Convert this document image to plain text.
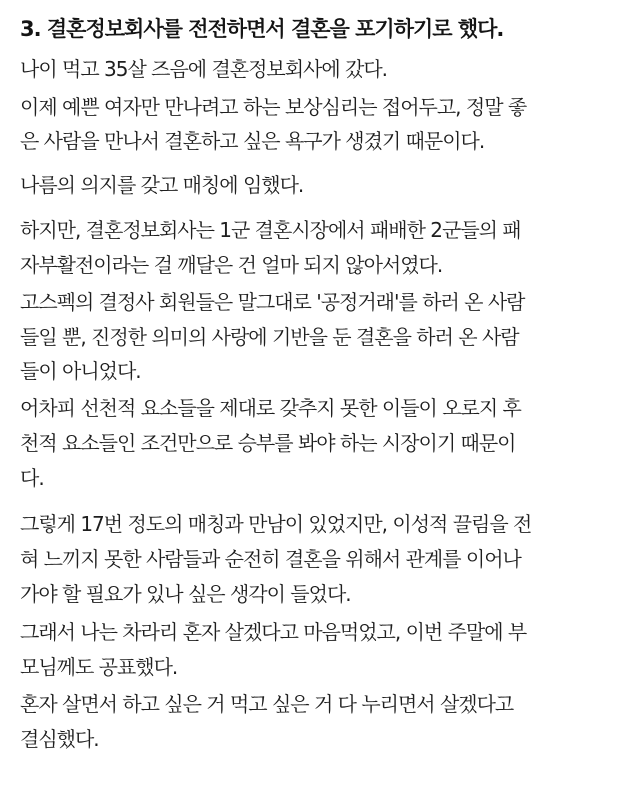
3. 결혼정보회사를 전전하면서 결혼을 포기하기로 했다.
나이 먹고 35살 즈음에 결혼정보회사에 갔다.
이제 예쁜 여자만 만나려고 하는 보상심리는 접어두고, 정말 좋
은 사람을 만나서 결혼하고 싶은 욕구가 생겼기 때문이다.
나름의 의지를 갖고 매칭에 임했다.
하지만, 결혼정보회사는 1군 결혼시장에서 패배한 2군들의 패
자부활전이라는 걸 깨달은 건 얼마 되지 않아서였다.
고스펙의 결정사 회원들은 말그대로 '공정거래'를 하러 온 사람
들일 뿐, 진정한 의미의 사랑에 기반을 둔 결혼을 하러 온 사람
들이 아니었다.
어차피 선천적 요소들을 제대로 갖추지 못한 이들이 오로지 후
천적 요소들인 조건만으로 승부를 봐야 하는 시장이기 때문이
다.
그렇게 17번 정도의 매칭과 만남이 있었지만, 이성적 끌림을 전
혀 느끼지 못한 사람들과 순전히 결혼을 위해서 관계를 이어나
가야 할 필요가 있나 싶은 생각이 들었다.
그래서 나는 차라리 혼자 살겠다고 마음먹었고, 이번 주말에 부
모님께도 공표했다.
혼자 살면서 하고 싶은 거 먹고 싶은 거 다 누리면서 살겠다고
결심했다.
